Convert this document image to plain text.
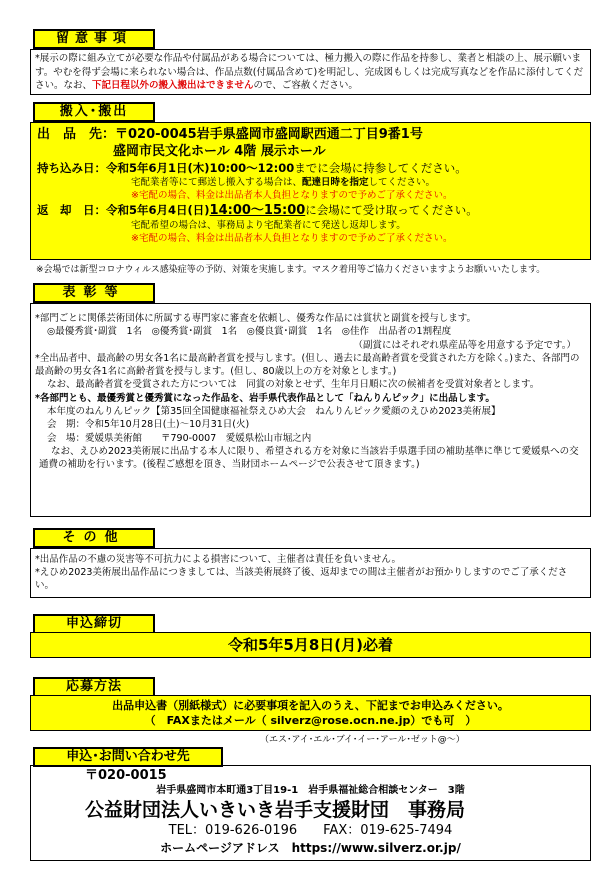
留意事項
*展示の際に組み立てが必要な作品や付属品がある場合については、極力搬入の際に作品を持参し、業者と相談の上、展示願います。やむを得ず会場に来られない場合は、作品点数(付属品含めて)を明記し、完成図もしくは完成写真などを作品に添付してください。なお、下記日程以外の搬入搬出はできませんので、ご容赦ください。
搬入･搬出
出　品　先：〒020-0045岩手県盛岡市盛岡駅西通二丁目9番1号
盛岡市民文化ホール 4階 展示ホール
持ち込み日：令和5年6月1日(木)10:00～12:00までに会場に持参してください。
宅配業者等にて郵送し搬入する場合は、配達日時を指定してください。
※宅配の場合、料金は出品者本人負担となりますので予めご了承ください。
返　却　日：令和5年6月4日(日)14:00～15:00に会場にて受け取ってください。
宅配希望の場合は、事務局より宅配業者にて発送し返却します。
※宅配の場合、料金は出品者本人負担となりますので予めご了承ください。
※会場では新型コロナウィルス感染症等の予防、対策を実施します。マスク着用等ご協力くださいますようお願いいたします。
表彰等
*部門ごとに関係芸術団体に所属する専門家に審査を依頼し、優秀な作品には賞状と副賞を授与します。
◎最優秀賞･副賞　1名　◎優秀賞･副賞　1名　◎優良賞･副賞　1名　◎佳作　出品者の1割程度
（副賞にはそれぞれ県産品等を用意する予定です。）
*全出品者中、最高齢の男女各1名に最高齢者賞を授与します。(但し、過去に最高齢者賞を受賞された方を除く。)また、各部門の最高齢の男女各1名に高齢者賞を授与します。(但し、80歳以上の方を対象とします。)
なお、最高齢者賞を受賞された方については　同賞の対象とせず、生年月日順に次の候補者を受賞対象者とします。
*各部門とも、最優秀賞と優秀賞になった作品を、岩手県代表作品として「ねんりんピック」に出品します。
本年度のねんりんピック【第35回全国健康福祉祭えひめ大会　ねんりんピック愛顔のえひめ2023美術展】
会　期：令和5年10月28日(土)～10月31日(火)
会　場：愛媛県美術館　　〒790-0007　愛媛県松山市堀之内
なお、えひめ2023美術展に出品する本人に限り、希望される方を対象に当該岩手県選手団の補助基準に準じて愛媛県への交通費の補助を行います。(後程ご感想を頂き、当財団ホームページで公表させて頂きます。)
その他
*出品作品の不慮の災害等不可抗力による損害について、主催者は責任を負いません。
*えひめ2023美術展出品作品につきましては、当該美術展終了後、返却までの間は主催者がお預かりしますのでご了承ください。
申込締切
令和5年5月8日(月)必着
応募方法
出品申込書（別紙様式）に必要事項を記入のうえ、下記までお申込みください。
（　FAXまたはメール（ silverz@rose.ocn.ne.jp）でも可　）
（エス･アイ･エル･ブイ･イー･アール･ゼット@～）
申込･お問い合わせ先
〒020-0015
岩手県盛岡市本町通3丁目19-1　岩手県福祉総合相談センター　3階
公益財団法人いきいき岩手支援財団　事務局
TEL：019-626-0196　　FAX：019-625-7494
ホームページアドレス　https://www.silverz.or.jp/
